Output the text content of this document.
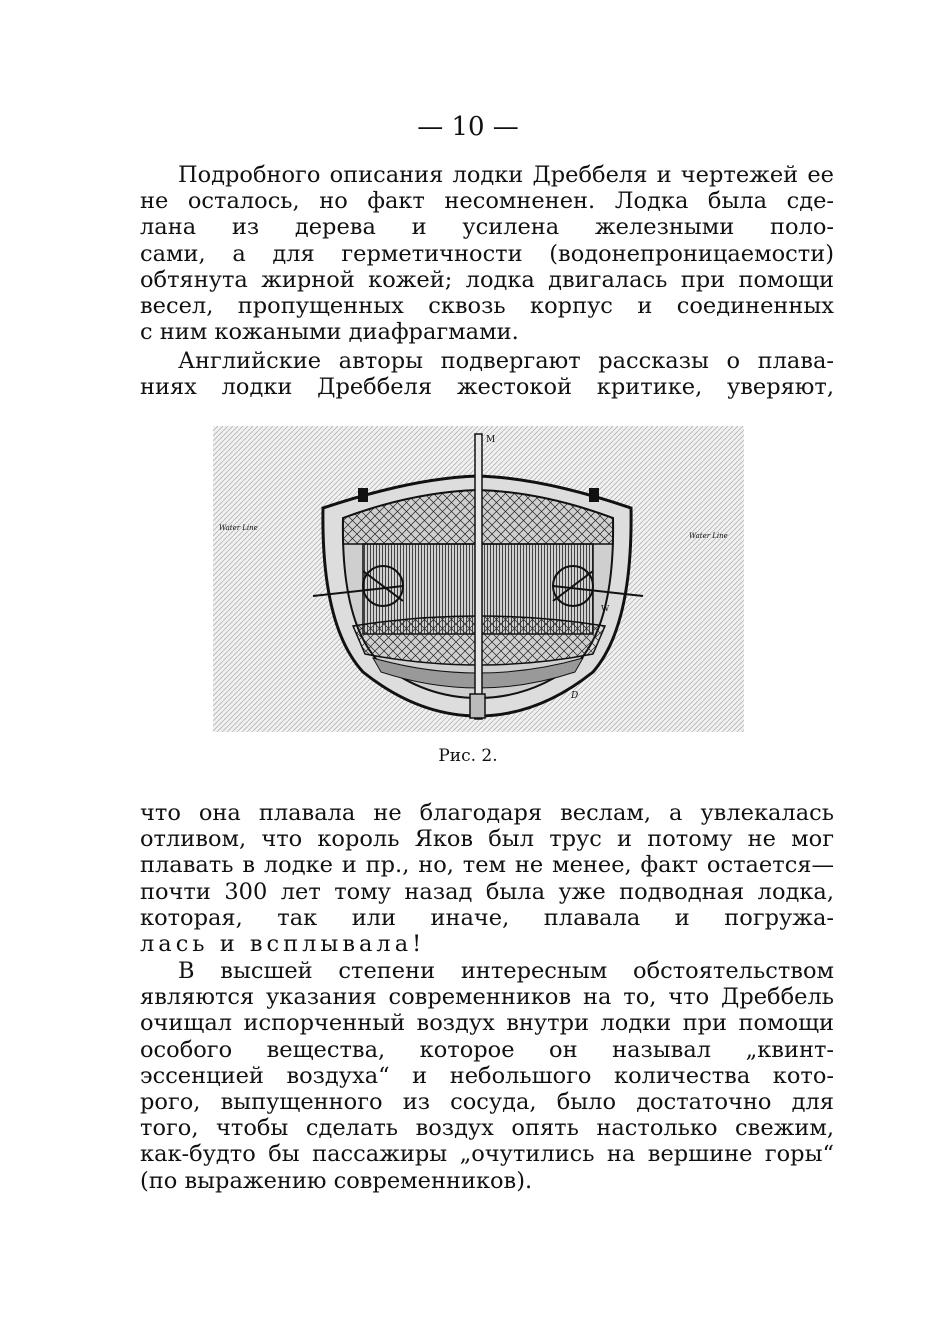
— 10 —
Подробного описания лодки Дреббеля и чертежей ее
не осталось, но факт несомненен. Лодка была сде-
лана из дерева и усилена железными поло-
сами, а для герметичности (водонепроницаемости)
обтянута жирной кожей; лодка двигалась при помощи
весел, пропущенных сквозь корпус и соединенных
с ним кожаными диафрагмами.
Английские авторы подвергают рассказы о плава-
ниях лодки Дреббеля жестокой критике, уверяют,
M
Water Line
Water Line
W
D
Рис. 2.
что она плавала не благодаря веслам, а увлекалась
отливом, что король Яков был трус и потому не мог
плавать в лодке и пр., но, тем не менее, факт остается—
почти 300 лет тому назад была уже подводная лодка,
которая, так или иначе, плавала и погружа-
лась и всплывала!
В высшей степени интересным обстоятельством
являются указания современников на то, что Дреббель
очищал испорченный воздух внутри лодки при помощи
особого вещества, которое он называл „квинт-
эссенцией воздуха“ и небольшого количества кото-
рого, выпущенного из сосуда, было достаточно для
того, чтобы сделать воздух опять настолько свежим,
как-будто бы пассажиры „очутились на вершине горы“
(по выражению современников).
